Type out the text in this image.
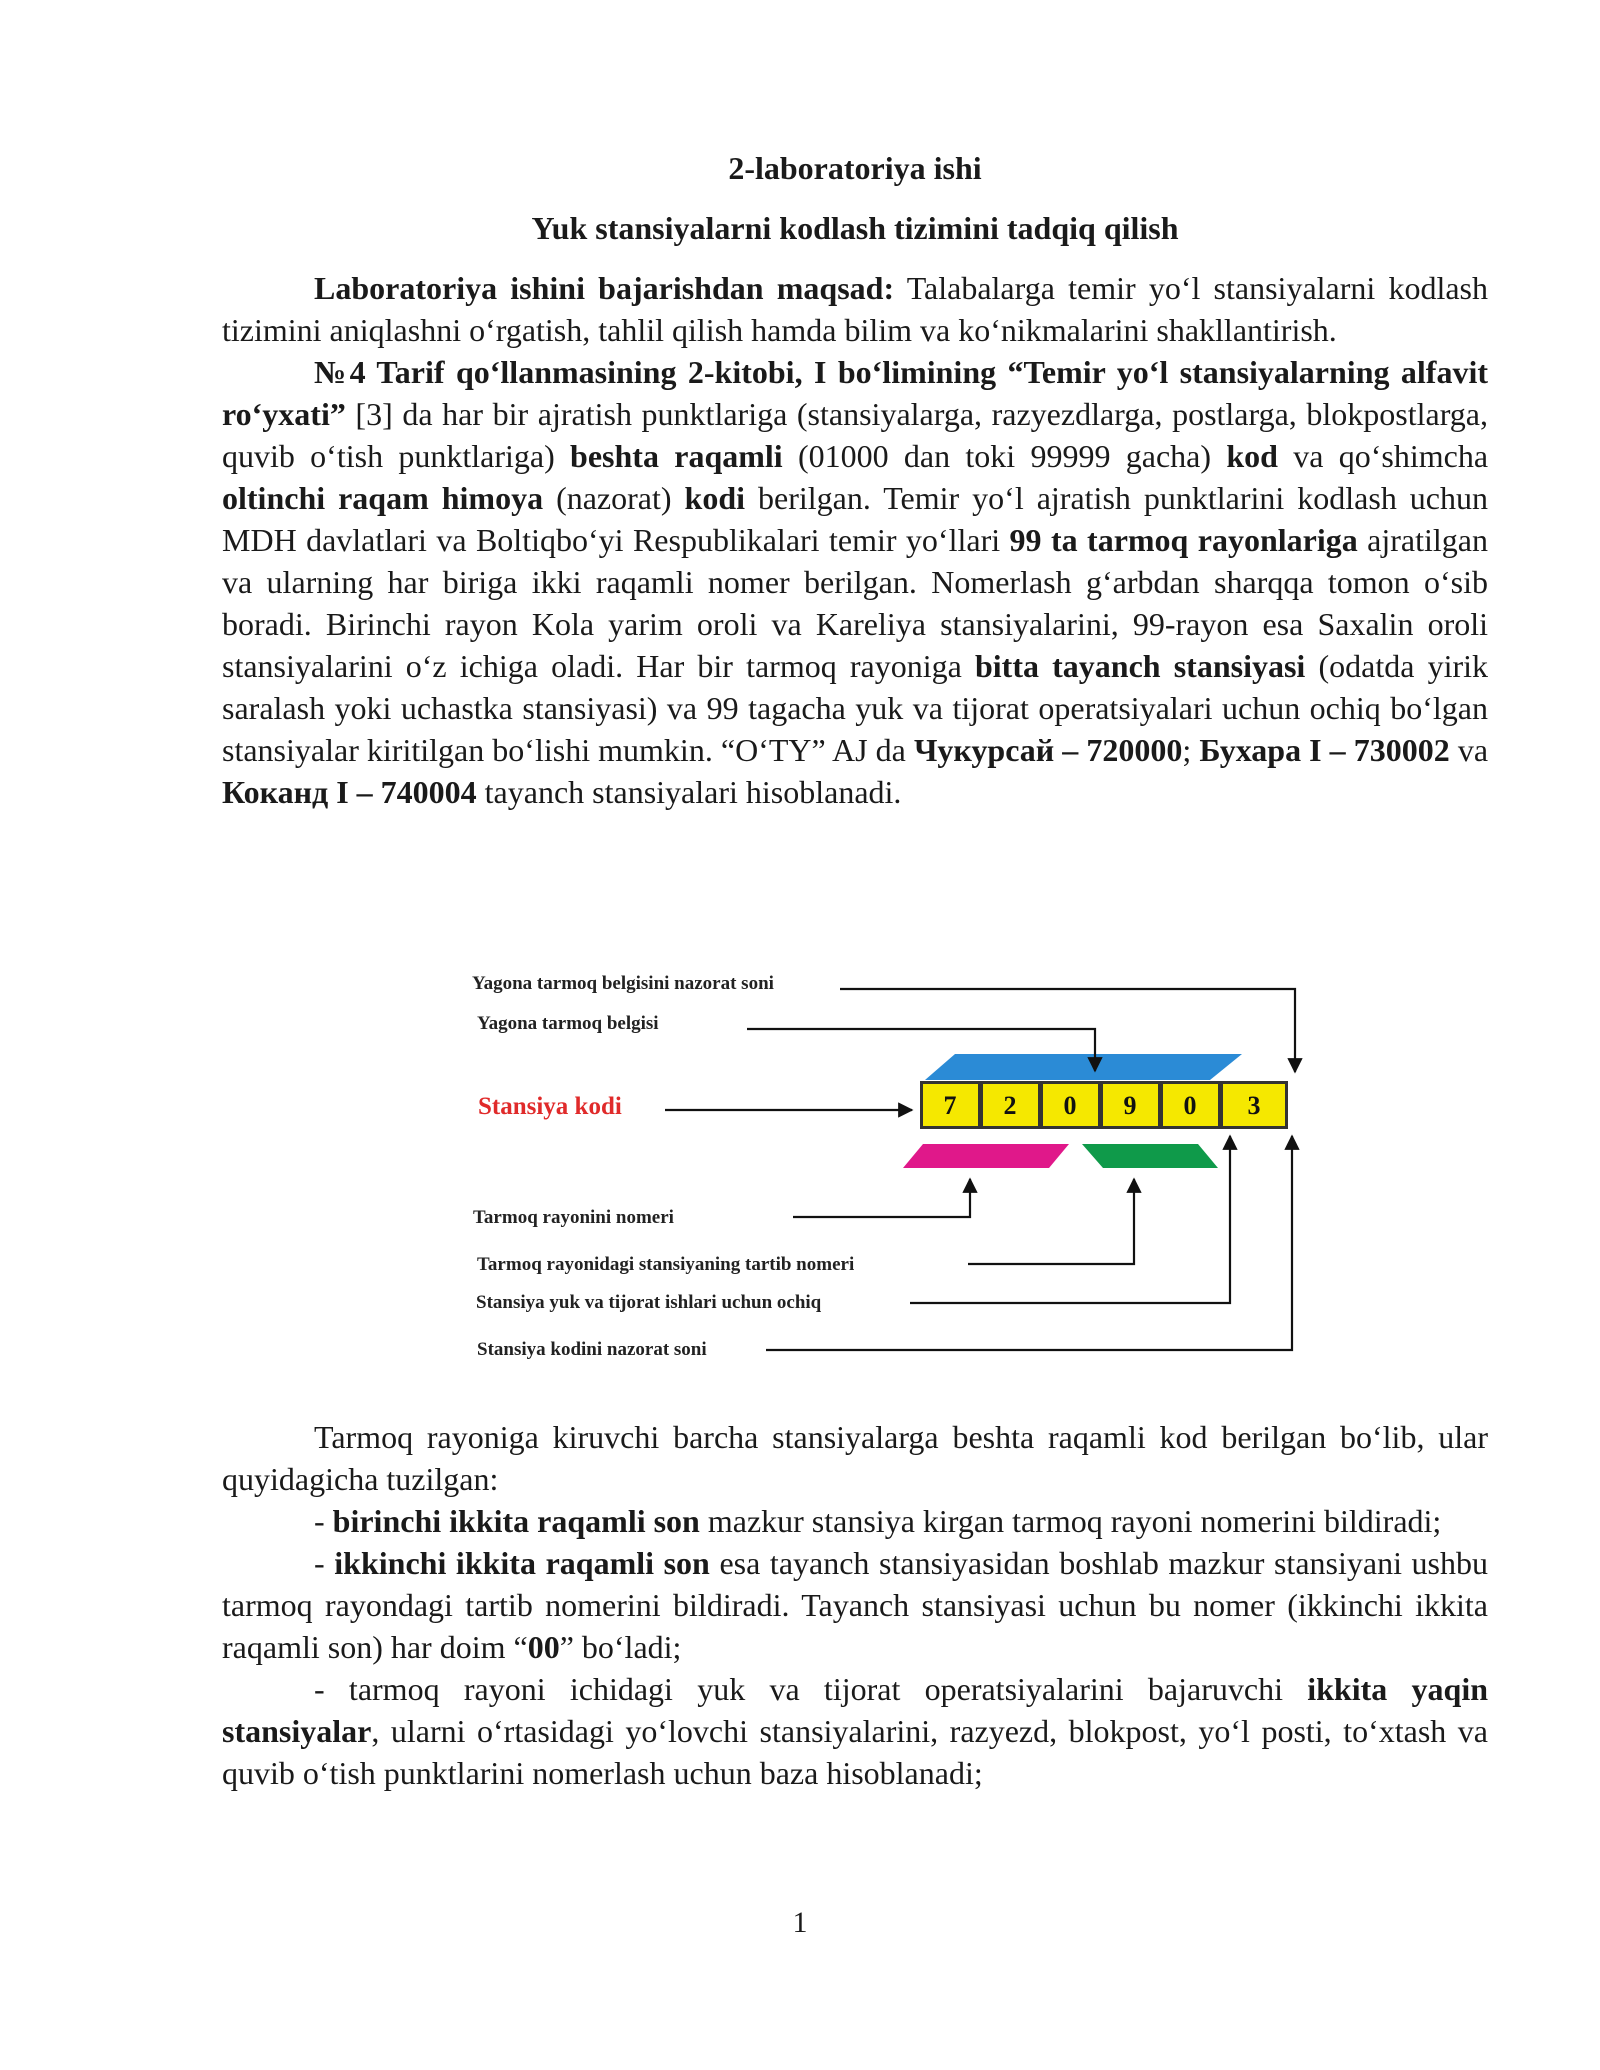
2-laboratoriya ishi
Yuk stansiyalarni kodlash tizimini tadqiq qilish

Laboratoriya ishini bajarishdan maqsad: Talabalarga temir yo‘l stansiyalarni kodlash tizimini aniqlashni o‘rgatish, tahlil qilish hamda bilim va ko‘nikmalarini shakllantirish.

№4 Tarif qo‘llanmasining 2-kitobi, I bo‘limining “Temir yo‘l stansiyalarning alfavit ro‘yxati” [3] da har bir ajratish punktlariga (stansiyalarga, razyezdlarga, postlarga, blokpostlarga, quvib o‘tish punktlariga) beshta raqamli (01000 dan toki 99999 gacha) kod va qo‘shimcha oltinchi raqam himoya (nazorat) kodi berilgan. Temir yo‘l ajratish punktlarini kodlash uchun MDH davlatlari va Boltiqbo‘yi Respublikalari temir yo‘llari 99 ta tarmoq rayonlariga ajratilgan va ularning har biriga ikki raqamli nomer berilgan. Nomerlash g‘arbdan sharqqa tomon o‘sib boradi. Birinchi rayon Kola yarim oroli va Kareliya stansiyalarini, 99-rayon esa Saxalin oroli stansiyalarini o‘z ichiga oladi. Har bir tarmoq rayoniga bitta tayanch stansiyasi (odatda yirik saralash yoki uchastka stansiyasi) va 99 tagacha yuk va tijorat operatsiyalari uchun ochiq bo‘lgan stansiyalar kiritilgan bo‘lishi mumkin. “O‘TY” AJ da Чукурсай – 720000; Бухара I – 730002 va Коканд I – 740004 tayanch stansiyalari hisoblanadi.

7 2 0 9 0 3
Yagona tarmoq belgisini nazorat soni
Yagona tarmoq belgisi
Tarmoq rayonini nomeri
Tarmoq rayonidagi stansiyaning tartib nomeri
Stansiya yuk va tijorat ishlari uchun ochiq
Stansiya kodini nazorat soni
Stansiya kodi

Tarmoq rayoniga kiruvchi barcha stansiyalarga beshta raqamli kod berilgan bo‘lib, ular quyidagicha tuzilgan:

- birinchi ikkita raqamli son mazkur stansiya kirgan tarmoq rayoni nomerini bildiradi;

- ikkinchi ikkita raqamli son esa tayanch stansiyasidan boshlab mazkur stansiyani ushbu tarmoq rayondagi tartib nomerini bildiradi. Tayanch stansiyasi uchun bu nomer (ikkinchi ikkita raqamli son) har doim “00” bo‘ladi;

- tarmoq rayoni ichidagi yuk va tijorat operatsiyalarini bajaruvchi ikkita yaqin stansiyalar, ularni o‘rtasidagi yo‘lovchi stansiyalarini, razyezd, blokpost, yo‘l posti, to‘xtash va quvib o‘tish punktlarini nomerlash uchun baza hisoblanadi;

1
